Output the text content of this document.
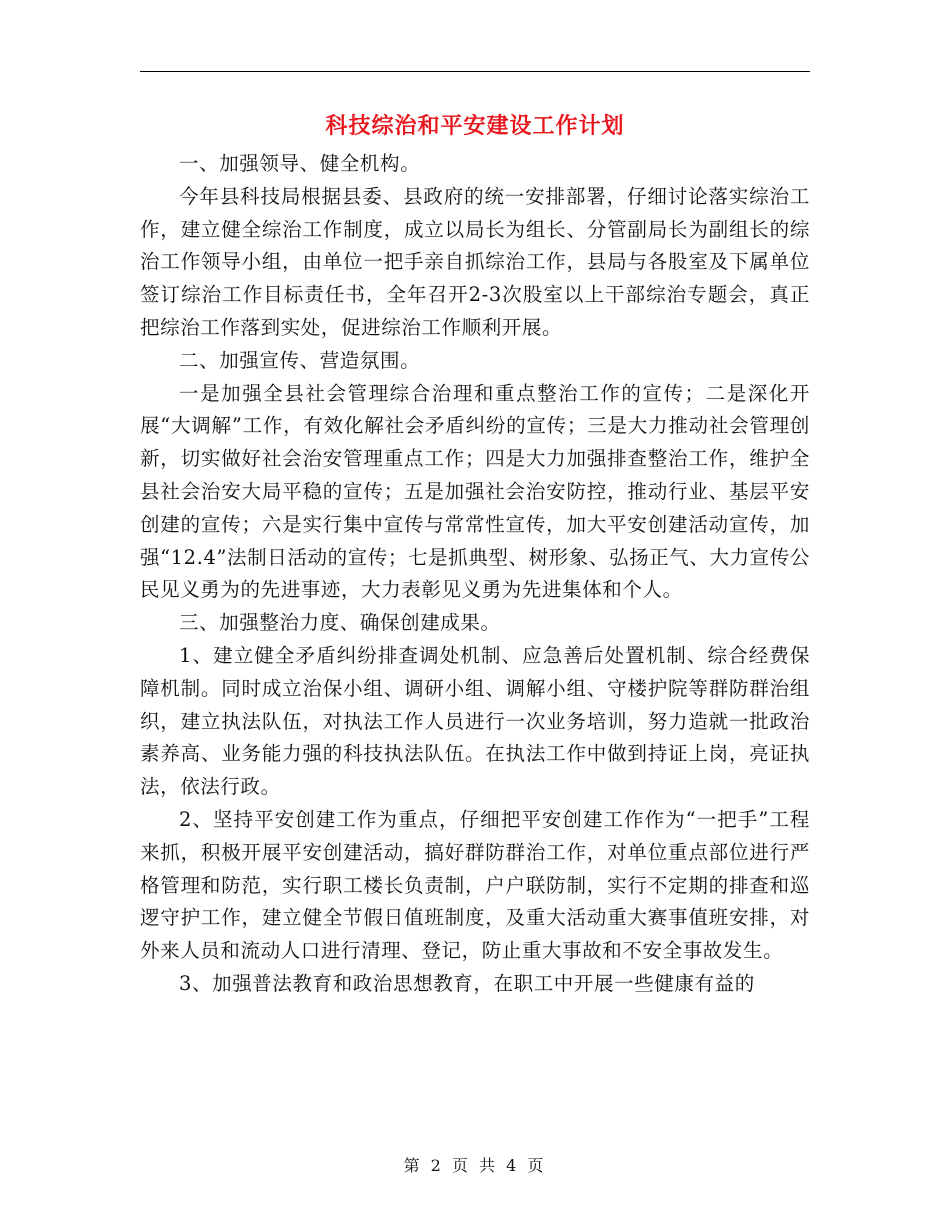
科技综治和平安建设工作计划

一、加强领导、健全机构。

今年县科技局根据县委、县政府的统一安排部署，仔细讨论落实综治工作，建立健全综治工作制度，成立以局长为组长、分管副局长为副组长的综治工作领导小组，由单位一把手亲自抓综治工作，县局与各股室及下属单位签订综治工作目标责任书，全年召开2-3次股室以上干部综治专题会，真正把综治工作落到实处，促进综治工作顺利开展。

二、加强宣传、营造氛围。

一是加强全县社会管理综合治理和重点整治工作的宣传；二是深化开展“大调解”工作，有效化解社会矛盾纠纷的宣传；三是大力推动社会管理创新，切实做好社会治安管理重点工作；四是大力加强排查整治工作，维护全县社会治安大局平稳的宣传；五是加强社会治安防控，推动行业、基层平安创建的宣传；六是实行集中宣传与常常性宣传，加大平安创建活动宣传，加强“12.4”法制日活动的宣传；七是抓典型、树形象、弘扬正气、大力宣传公民见义勇为的先进事迹，大力表彰见义勇为先进集体和个人。

三、加强整治力度、确保创建成果。

1、建立健全矛盾纠纷排查调处机制、应急善后处置机制、综合经费保障机制。同时成立治保小组、调研小组、调解小组、守楼护院等群防群治组织，建立执法队伍，对执法工作人员进行一次业务培训，努力造就一批政治素养高、业务能力强的科技执法队伍。在执法工作中做到持证上岗，亮证执法，依法行政。

2、坚持平安创建工作为重点，仔细把平安创建工作作为“一把手”工程来抓，积极开展平安创建活动，搞好群防群治工作，对单位重点部位进行严格管理和防范，实行职工楼长负责制，户户联防制，实行不定期的排查和巡逻守护工作，建立健全节假日值班制度，及重大活动重大赛事值班安排，对外来人员和流动人口进行清理、登记，防止重大事故和不安全事故发生。

3、加强普法教育和政治思想教育，在职工中开展一些健康有益的

第 2 页 共 4 页
